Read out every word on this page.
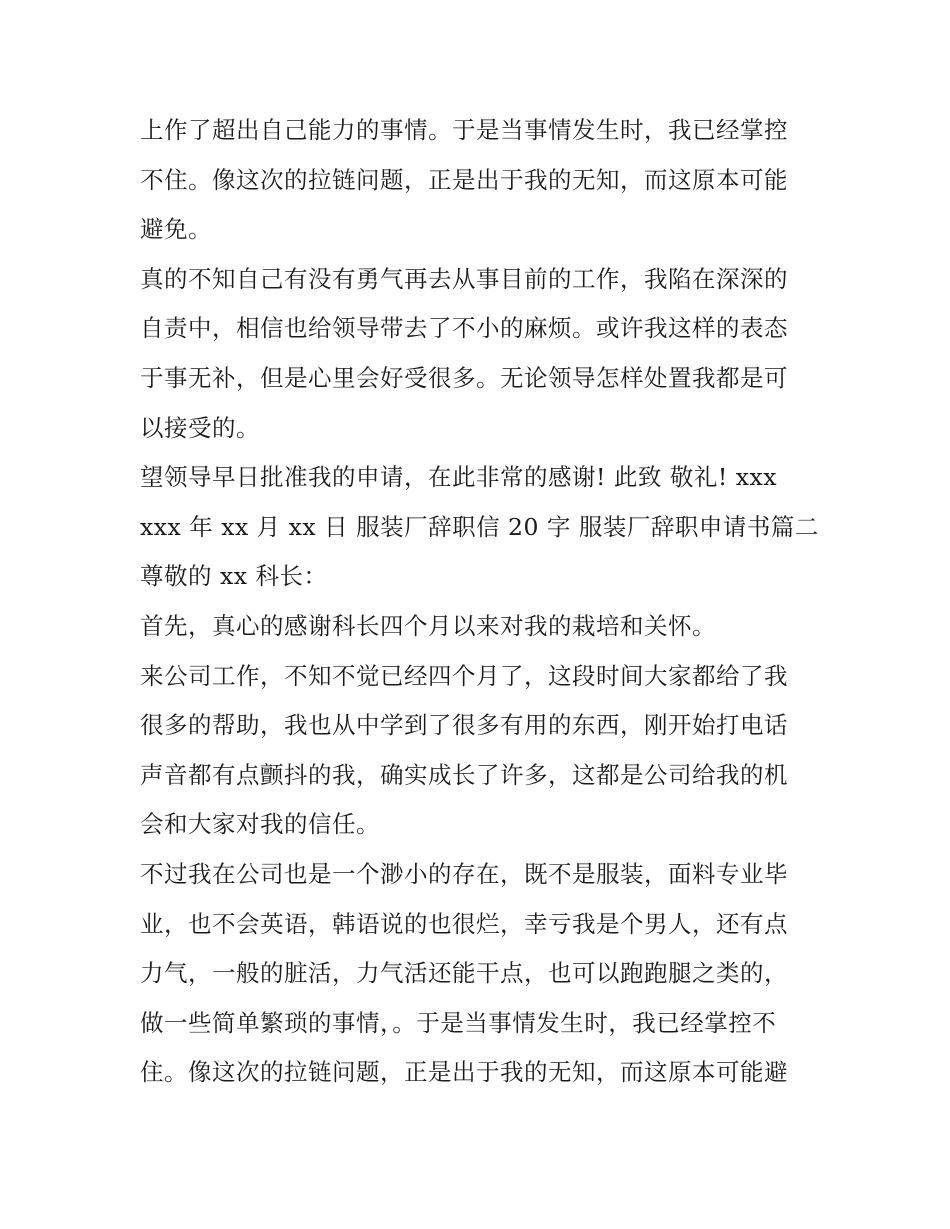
上作了超出自己能力的事情。于是当事情发生时，我已经掌控
不住。像这次的拉链问题，正是出于我的无知，而这原本可能
避免。
真的不知自己有没有勇气再去从事目前的工作，我陷在深深的
自责中，相信也给领导带去了不小的麻烦。或许我这样的表态
于事无补，但是心里会好受很多。无论领导怎样处置我都是可
以接受的。
望领导早日批准我的申请，在此非常的感谢! 此致 敬礼! xxx
xxx 年 xx 月 xx 日 服装厂辞职信 20 字 服装厂辞职申请书篇二
尊敬的 xx 科长：
首先，真心的感谢科长四个月以来对我的栽培和关怀。
来公司工作，不知不觉已经四个月了，这段时间大家都给了我
很多的帮助，我也从中学到了很多有用的东西，刚开始打电话
声音都有点颤抖的我，确实成长了许多，这都是公司给我的机
会和大家对我的信任。
不过我在公司也是一个渺小的存在，既不是服装，面料专业毕
业，也不会英语，韩语说的也很烂，幸亏我是个男人，还有点
力气，一般的脏活，力气活还能干点，也可以跑跑腿之类的，
做一些简单繁琐的事情，。于是当事情发生时，我已经掌控不
住。像这次的拉链问题，正是出于我的无知，而这原本可能避
